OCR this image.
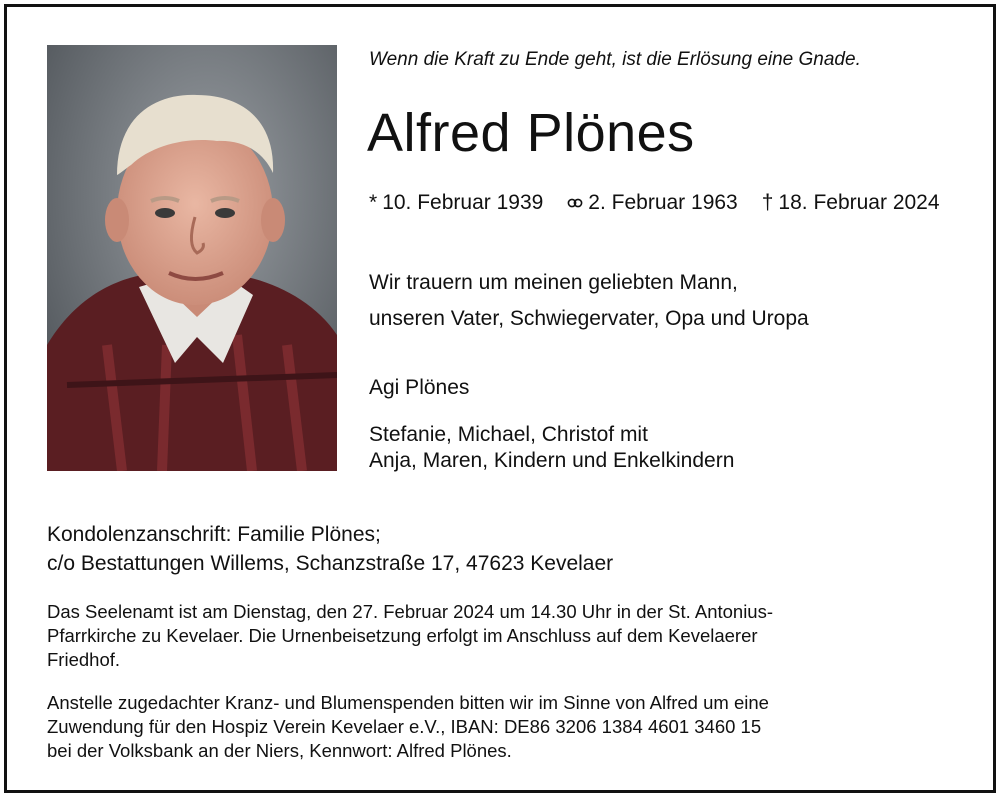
Wenn die Kraft zu Ende geht, ist die Erlösung eine Gnade.
Alfred Plönes
* 10. Februar 1939 2. Februar 1963 † 18. Februar 2024
Wir trauern um meinen geliebten Mann,
unseren Vater, Schwiegervater, Opa und Uropa
Agi Plönes
Stefanie, Michael, Christof mit
Anja, Maren, Kindern und Enkelkindern
Kondolenzanschrift: Familie Plönes;
c/o Bestattungen Willems, Schanzstraße 17, 47623 Kevelaer
Das Seelenamt ist am Dienstag, den 27. Februar 2024 um 14.30 Uhr in der St. Antonius-
Pfarrkirche zu Kevelaer. Die Urnenbeisetzung erfolgt im Anschluss auf dem Kevelaerer
Friedhof.
Anstelle zugedachter Kranz- und Blumenspenden bitten wir im Sinne von Alfred um eine
Zuwendung für den Hospiz Verein Kevelaer e.V., IBAN: DE86 3206 1384 4601 3460 15
bei der Volksbank an der Niers, Kennwort: Alfred Plönes.
